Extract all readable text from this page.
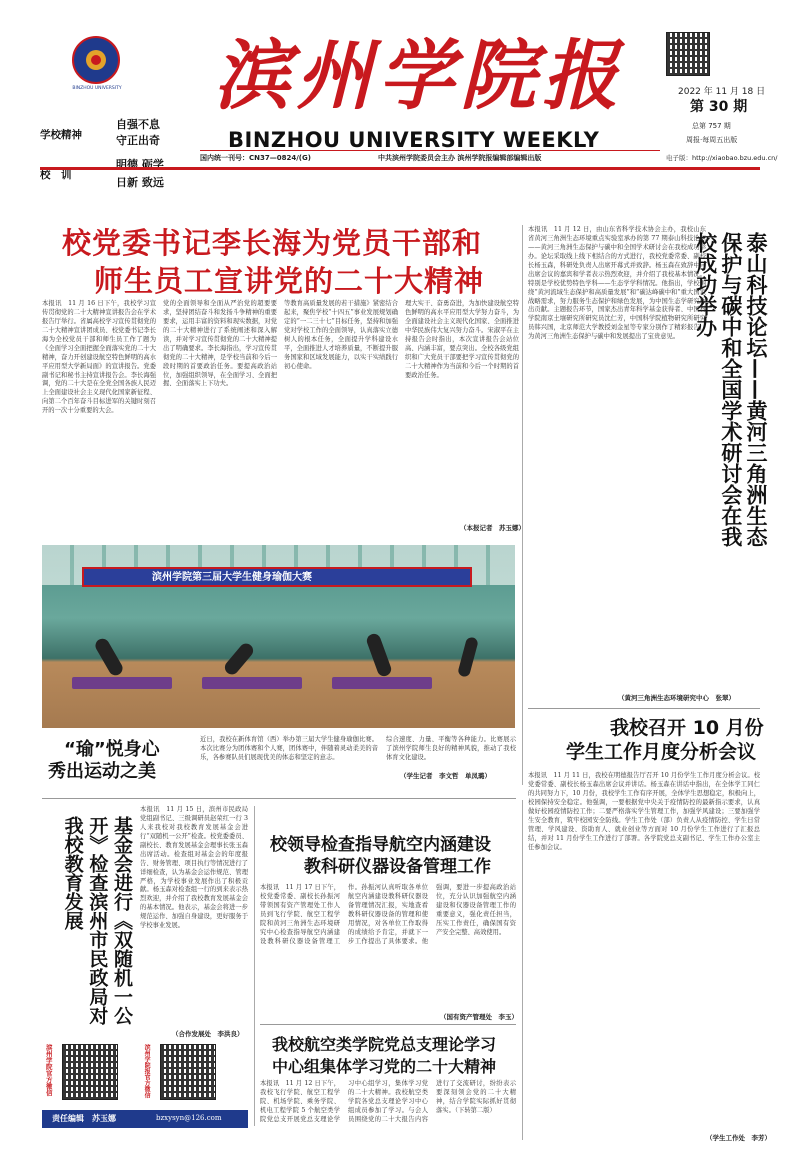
BINZHOU UNIVERSITY
学校精神
自强不息
守正出奇
校　训
明德 砺学
日新 致远
滨州学院报
BINZHOU UNIVERSITY WEEKLY
国内统一刊号：CN37—0824/(G)	中共滨州学院委员会主办 滨州学院报编辑部编辑出版
2022 年 11 月 18 日
第 30 期
总第 757 期
周报·每周五出版
电子版：http://xiaobao.bzu.edu.cn/
校党委书记李长海为党员干部和
师生员工宣讲党的二十大精神
本报讯　11 月 16 日下午，我校学习宣传贯彻党的二十大精神宣讲报告会在学术报告厅举行。省属高校学习宣传贯彻党的二十大精神宣讲团成员、校党委书记李长海为全校党员干部和师生员工作了题为《全面学习全面把握全面落实党的二十大精神，奋力开创建设航空特色鲜明的高水平应用型大学新局面》的宣讲报告。党委副书记和秘书主持宣讲报告会。李长海强调，党的二十大是在全党全国各族人民迈上全面建设社会主义现代化国家新征程、向第二个百年奋斗目标进军的关键时刻召开的一次十分重要的大会。
党的全面领导和全面从严治党的超要要求，坚持团结奋斗和发扬斗争精神的重要要求，运用丰富的资料和现实数据，对党的二十大精神进行了系统阐述和深入解读，并对学习宣传贯彻党的二十大精神提出了明确要求。李长海指出，学习宣传贯彻党的二十大精神，是学校当前和今后一段时期的首要政治任务。要提高政治站位，加强组织领导，在全面学习、全面把握、全面落实上下功夫。
等教育高质量发展的若干措施》紧密结合起来，聚焦学校“十四五”事业发展规划确定的“一二三十七”目标任务，坚持和加强党对学校工作的全面领导，认真落实立德树人的根本任务，全面提升学科建设水平，全面推进人才培养质量，不断提升服务国家和区域发展能力，以实干实绩践行初心使命。
理大实干、奋勇奋进，为加快建设航空特色鲜明的高水平应用型大学努力奋斗，为全面建设社会主义现代化国家、全面推进中华民族伟大复兴努力奋斗。宋淑平在主持报告会时指出，本次宣讲报告会站位高、内涵丰富，要点突出。全校各级党组织和广大党员干部要把学习宣传贯彻党的二十大精神作为当前和今后一个时期的首要政治任务。
（本报记者　苏玉娜）
滨州学院第三届大学生健身瑜伽大赛
“瑜”悦身心
秀出运动之美
近日，我校在新体育馆（西）举办第三届大学生健身瑜伽比赛。本次比赛分为团体赛和个人赛，团体赛中，伴随着灵动柔美的音乐，各参赛队员们展现优美的体态和坚定的意志。
综合速度、力量、平衡等各种能力。比赛展示了滨州学院师生良好的精神风貌，推动了我校体育文化建设。
（学生记者　李文哲　单凤璐）
泰山科技论坛——黄河三角洲生态保护与碳中和全国学术研讨会在我校成功举办
本报讯　11 月 12 日，由山东省科学技术协会主办，我校山东省黄河三角洲生态环境重点实验室承办的第 77 期泰山科技论坛——黄河三角洲生态保护与碳中和全国学术研讨会在我校成功举办。论坛采取线上线下相结合的方式进行，我校党委常委、副校长杨玉森，科研处负责人出席开幕式并致辞。杨玉森在致辞中向出席会议的嘉宾和学者表示热烈欢迎，并介绍了我校基本情况。特别是学校优势特色学科——生态学学科情况。他指出，学校围绕“黄河流域生态保护和高质量发展”和“碳达峰碳中和”重大国家战略需求，努力服务生态保护和绿色发展，为中国生态学研究作出贡献。主题报告环节，国家杰出青年科学基金获得者、中国科学院南京土壤研究所研究员沈仁芳，中国科学院植物研究所研究员韩兴国，北京师范大学教授刘金星等专家分别作了精彩报告，为黄河三角洲生态保护与碳中和发展提出了宝贵意见。
（黄河三角洲生态环境研究中心　张翠）
我校召开 10 月份
学生工作月度分析会议
本报讯　11 月 11 日，我校在明德报告厅召开 10 月份学生工作月度分析会议。校党委常委、副校长杨玉森出席会议并讲话。杨玉森在讲话中指出，在全体学工同仁的共同努力下，10 月份，我校学生工作有序开展，全体学生思想稳定，积极向上，校园保持安全稳定。他强调，一要根据党中央关于疫情防控的最新指示要求，认真做好校园疫情防控工作；二要严格落实学生管理工作，加强学风建设；三要加强学生安全教育，筑牢校园安全防线。学生工作处（部）负责人从疫情防控、学生日常管理、学风建设、资助育人、就业创业等方面对 10 月份学生工作进行了汇报总结，并对 11 月份学生工作进行了部署。各学院党总支副书记、学生工作办公室主任参加会议。
（学生工作处　李芳）
基金会进行《双随机一公开》检查滨州市民政局对我校教育发展
本报讯　11 月 15 日，滨州市民政局党组副书记、三级调研员赵荣红一行 3 人来我校对我校教育发展基金会进行“双随机一公开”检查。校党委委员、副校长、教育发展基金会理事长张玉森出席活动。检查组对基金会的年度报告、财务管理、项目执行等情况进行了详细检查，认为基金会运作规范、管理严格，为学校事业发展作出了积极贡献。杨玉森对检查组一行的到来表示热烈欢迎，并介绍了我校教育发展基金会的基本情况。他表示，基金会将进一步规范运作、加强自身建设，更好服务于学校事业发展。
（合作发展处　李洪良）
滨州学院官方微信	滨州学院报官方微信
责任编辑　苏玉娜	bzxysyn@126.com
校领导检查指导航空内涵建设
教科研仪器设备管理工作
本报讯　11 月 17 日下午，校党委常委、副校长孙振河带领国有资产管理处工作人员到飞行学院、航空工程学院和黄河三角洲生态环境研究中心检查指导航空内涵建设教科研仪器设备管理工作。孙振河认真听取各单位航空内涵建设教科研仪器设备管理情况汇报，实地查看教科研仪器设备的管理和使用情况，对各单位工作取得的成绩给予肯定，并就下一步工作提出了具体要求。他强调，要进一步提高政治站位，充分认识加强航空内涵建设和仪器设备管理工作的重要意义，强化责任担当，压实工作责任，确保国有资产安全完整、高效使用。
（国有资产管理处　李玉）
我校航空类学院党总支理论学习
中心组集体学习党的二十大精神
本报讯　11 月 12 日下午，我校飞行学院、航空工程学院、机场学院、乘务学院、机电工程学院 5 个航空类学院党总支开展党总支理论学习中心组学习，集体学习党的二十大精神。我校航空类学院各党总支理论学习中心组成员参加了学习。与会人员围绕党的二十大报告内容进行了交流研讨，纷纷表示要深刻领会党的二十大精神，结合学院实际抓好贯彻落实。（下转第二版）
